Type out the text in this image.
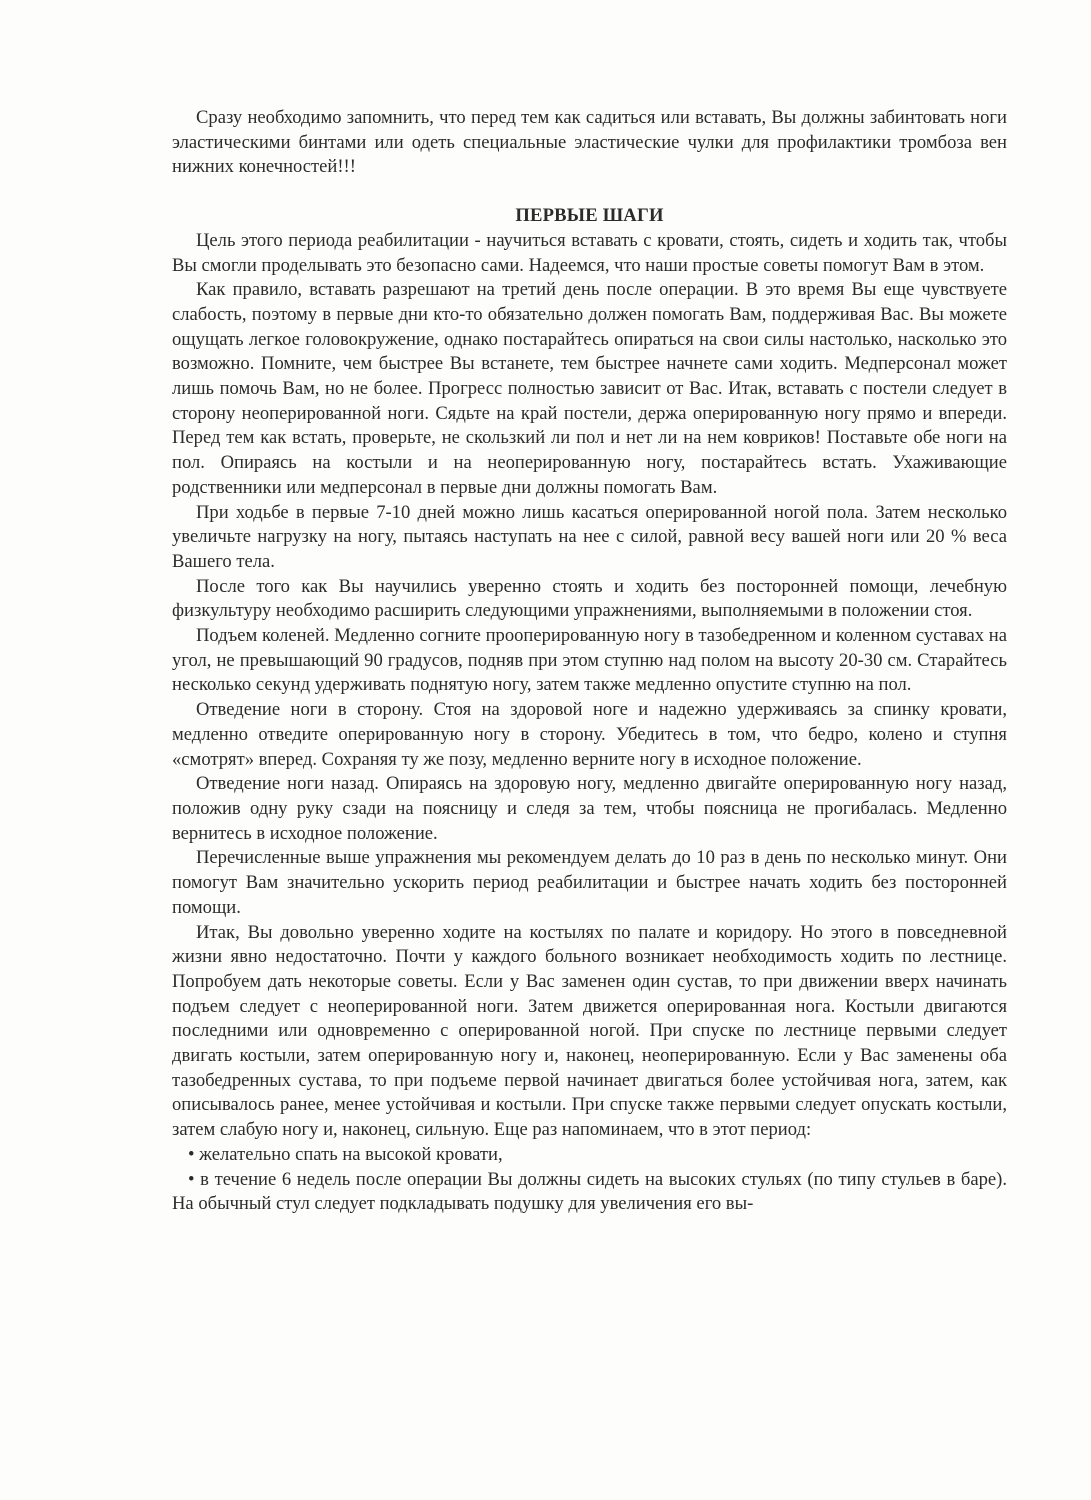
Сразу необходимо запомнить, что перед тем как садиться или вставать, Вы должны забинтовать ноги эластическими бинтами или одеть специальные эластические чулки для профилактики тромбоза вен нижних конечностей!!!

ПЕРВЫЕ ШАГИ

Цель этого периода реабилитации - научиться вставать с кровати, стоять, сидеть и ходить так, чтобы Вы смогли проделывать это безопасно сами. Надеемся, что наши простые советы помогут Вам в этом.

Как правило, вставать разрешают на третий день после операции. В это время Вы еще чувствуете слабость, поэтому в первые дни кто-то обязательно должен помогать Вам, поддерживая Вас. Вы можете ощущать легкое головокружение, однако постарайтесь опираться на свои силы настолько, насколько это возможно. Помните, чем быстрее Вы встанете, тем быстрее начнете сами ходить. Медперсонал может лишь помочь Вам, но не более. Прогресс полностью зависит от Вас. Итак, вставать с постели следует в сторону неоперированной ноги. Сядьте на край постели, держа оперированную ногу прямо и впереди. Перед тем как встать, проверьте, не скользкий ли пол и нет ли на нем ковриков! Поставьте обе ноги на пол. Опираясь на костыли и на неоперированную ногу, постарайтесь встать. Ухаживающие родственники или медперсонал в первые дни должны помогать Вам.

При ходьбе в первые 7-10 дней можно лишь касаться оперированной ногой пола. Затем несколько увеличьте нагрузку на ногу, пытаясь наступать на нее с силой, равной весу вашей ноги или 20 % веса Вашего тела.

После того как Вы научились уверенно стоять и ходить без посторонней помощи, лечебную физкультуру необходимо расширить следующими упражнениями, выполняемыми в положении стоя.

Подъем коленей. Медленно согните прооперированную ногу в тазобедренном и коленном суставах на угол, не превышающий 90 градусов, подняв при этом ступню над полом на высоту 20-30 см. Старайтесь несколько секунд удерживать поднятую ногу, затем также медленно опустите ступню на пол.

Отведение ноги в сторону. Стоя на здоровой ноге и надежно удерживаясь за спинку кровати, медленно отведите оперированную ногу в сторону. Убедитесь в том, что бедро, колено и ступня «смотрят» вперед. Сохраняя ту же позу, медленно верните ногу в исходное положение.

Отведение ноги назад. Опираясь на здоровую ногу, медленно двигайте оперированную ногу назад, положив одну руку сзади на поясницу и следя за тем, чтобы поясница не прогибалась. Медленно вернитесь в исходное положение.

Перечисленные выше упражнения мы рекомендуем делать до 10 раз в день по несколько минут. Они помогут Вам значительно ускорить период реабилитации и быстрее начать ходить без посторонней помощи.

Итак, Вы довольно уверенно ходите на костылях по палате и коридору. Но этого в повседневной жизни явно недостаточно. Почти у каждого больного возникает необходимость ходить по лестнице. Попробуем дать некоторые советы. Если у Вас заменен один сустав, то при движении вверх начинать подъем следует с неоперированной ноги. Затем движется оперированная нога. Костыли двигаются последними или одновременно с оперированной ногой. При спуске по лестнице первыми следует двигать костыли, затем оперированную ногу и, наконец, неоперированную. Если у Вас заменены оба тазобедренных сустава, то при подъеме первой начинает двигаться более устойчивая нога, затем, как описывалось ранее, менее устойчивая и костыли. При спуске также первыми следует опускать костыли, затем слабую ногу и, наконец, сильную. Еще раз напоминаем, что в этот период:

• желательно спать на высокой кровати,

• в течение 6 недель после операции Вы должны сидеть на высоких стульях (по типу стульев в баре). На обычный стул следует подкладывать подушку для увеличения его вы-
